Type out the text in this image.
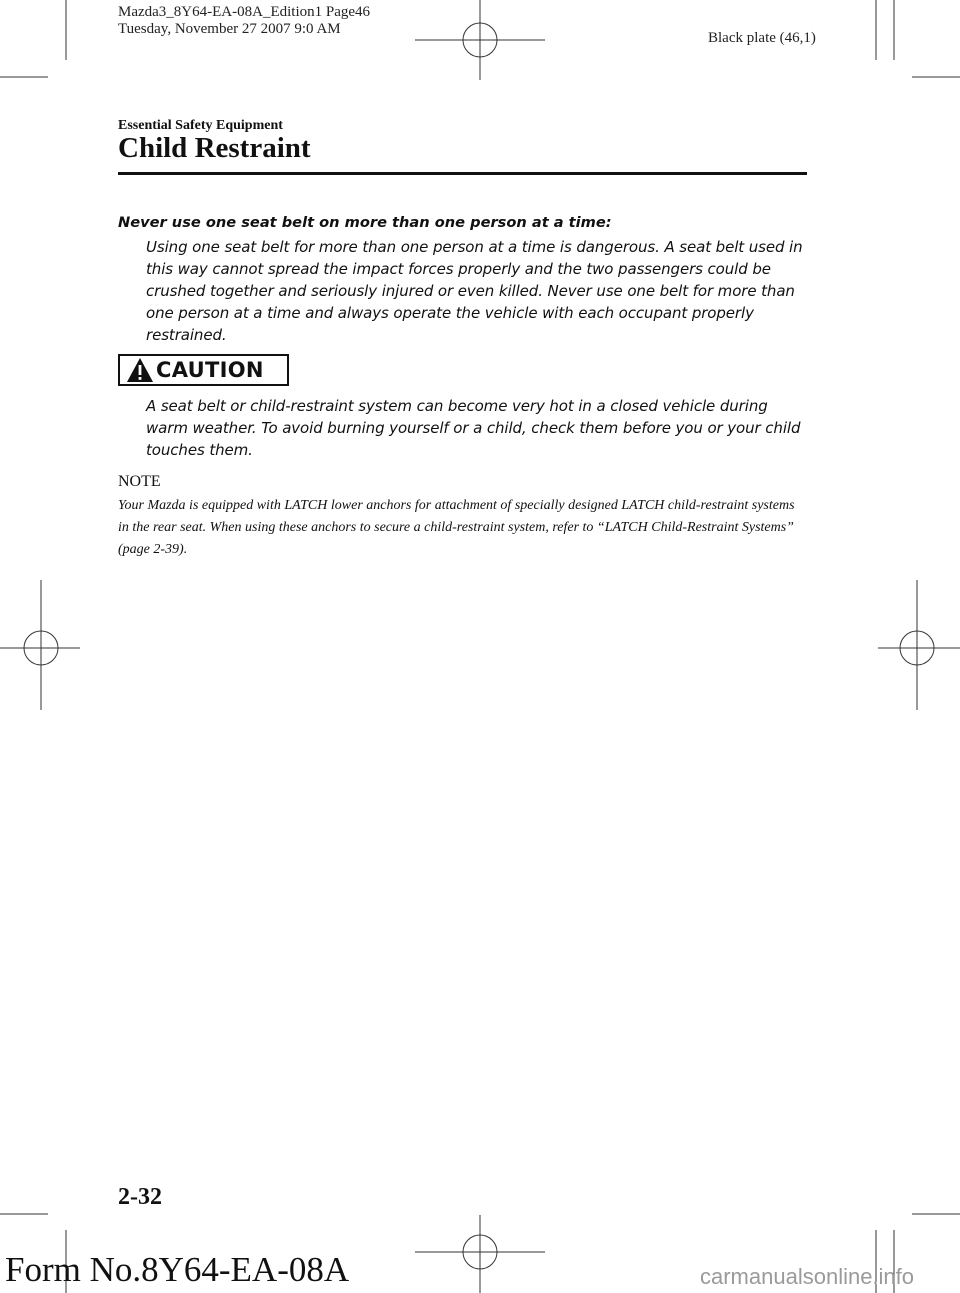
Mazda3_8Y64-EA-08A_Edition1 Page46
Tuesday, November 27 2007 9:0 AM
Black plate (46,1)
Essential Safety Equipment
Child Restraint
Never use one seat belt on more than one person at a time:

Using one seat belt for more than one person at a time is dangerous. A seat belt used in this way cannot spread the impact forces properly and the two passengers could be crushed together and seriously injured or even killed. Never use one belt for more than one person at a time and always operate the vehicle with each occupant properly restrained.

CAUTION

A seat belt or child-restraint system can become very hot in a closed vehicle during warm weather. To avoid burning yourself or a child, check them before you or your child touches them.

NOTE

Your Mazda is equipped with LATCH lower anchors for attachment of specially designed LATCH child-restraint systems in the rear seat. When using these anchors to secure a child-restraint system, refer to “LATCH Child-Restraint Systems” (page 2-39).

2-32
Form No.8Y64-EA-08A	carmanualsonline.info
